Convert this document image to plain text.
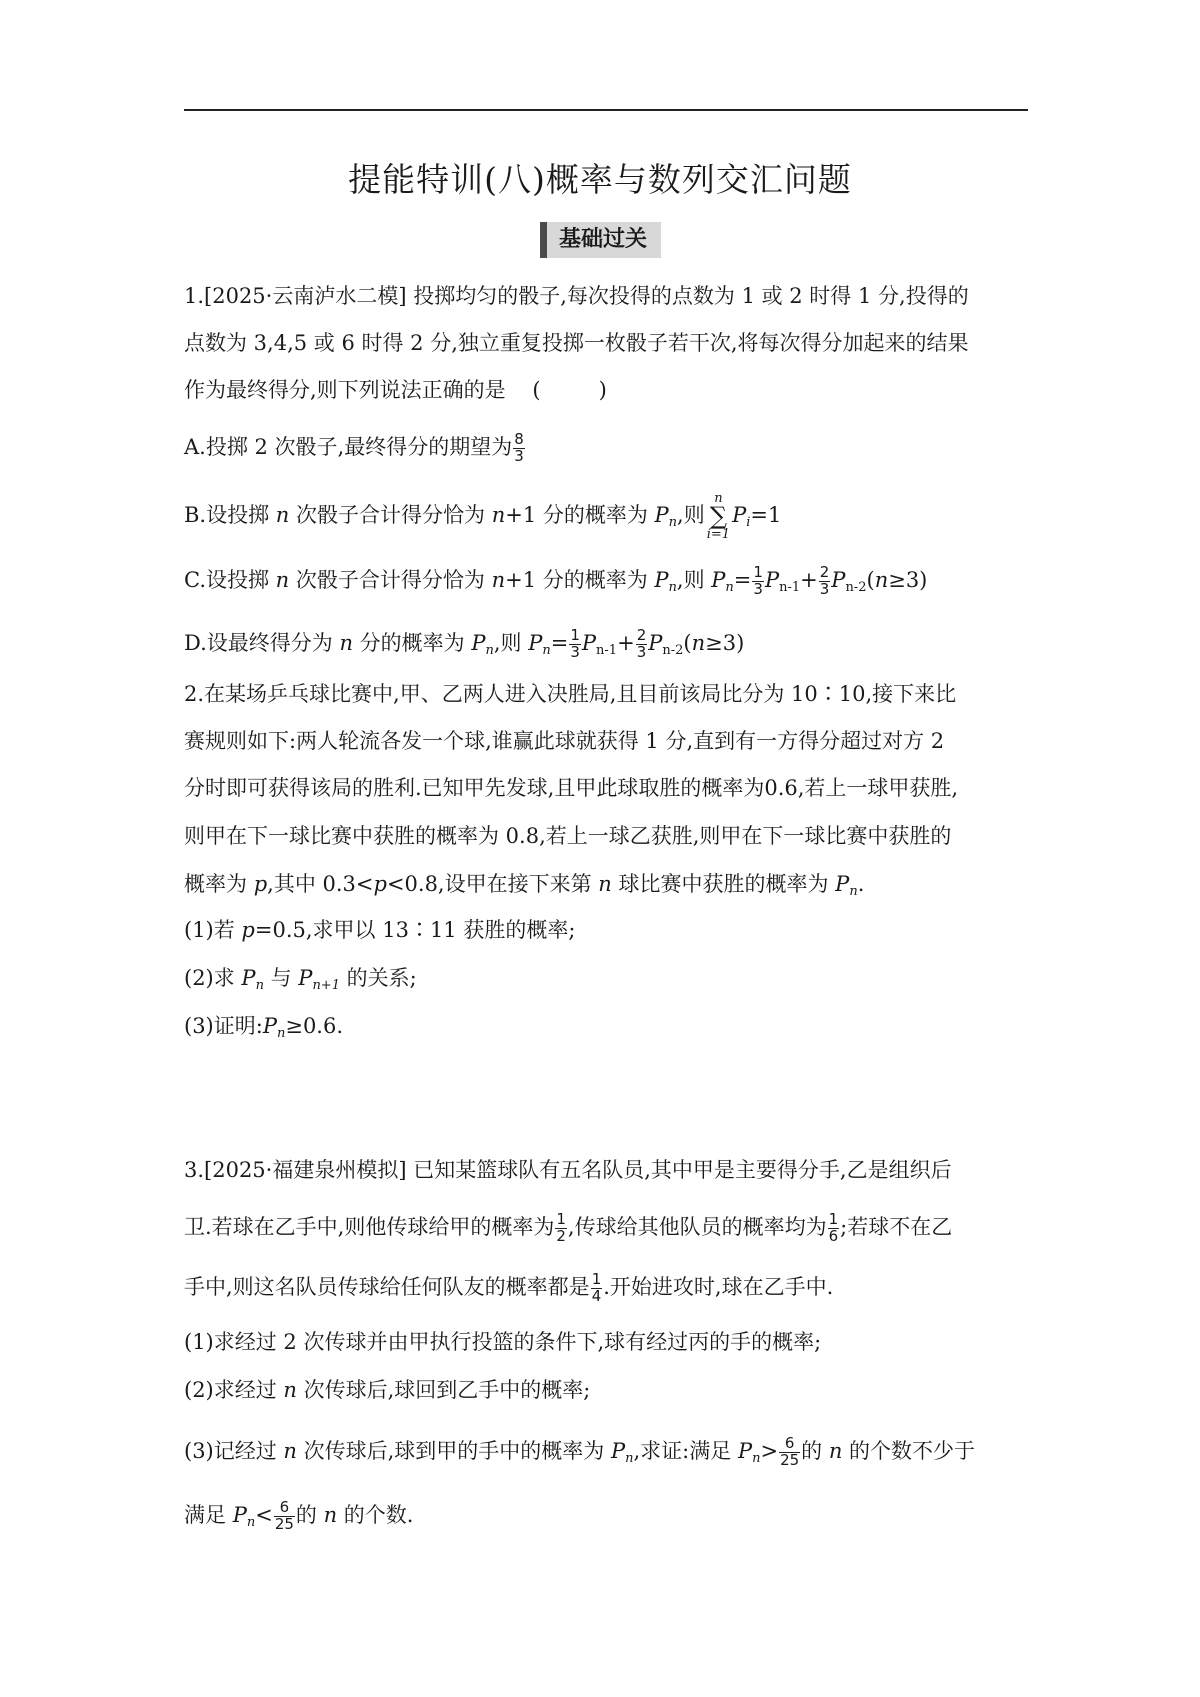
提能特训(八)概率与数列交汇问题
基础过关
1.[2025·云南泸水二模] 投掷均匀的骰子,每次投得的点数为 1 或 2 时得 1 分,投得的
点数为 3,4,5 或 6 时得 2 分,独立重复投掷一枚骰子若干次,将每次得分加起来的结果
作为最终得分,则下列说法正确的是 (	)
A.投掷 2 次骰子,最终得分的期望为 $\frac{8}{3}$
B.设投掷 n 次骰子合计得分恰为 n+1 分的概率为 $P_n$,则n
∑
$i=1P_i=1$
C.设投掷 n 次骰子合计得分恰为 n+1 分的概率为 $P_n$,则 $P_n= \frac{1}{3} P_{n-1}+ \frac{2}{3} P_{n-2}(n\ge 3)$
D.设最终得分为 n 分的概率为 $P_n$,则 $P_n= \frac{1}{3} P_{n-1}+ \frac{2}{3} P_{n-2}(n\ge 3)$
2.在某场乒乓球比赛中,甲、乙两人进入决胜局,且目前该局比分为 10∶10,接下来比
赛规则如下:两人轮流各发一个球,谁赢此球就获得 1 分,直到有一方得分超过对方 2
分时即可获得该局的胜利.已知甲先发球,且甲此球取胜的概率为0.6,若上一球甲获胜,
则甲在下一球比赛中获胜的概率为 0.8,若上一球乙获胜,则甲在下一球比赛中获胜的
概率为 p,其中 0.3<p<0.8,设甲在接下来第 n 球比赛中获胜的概率为 $P_n$.
(1)若 p=0.5,求甲以 13∶11 获胜的概率;
(2)求 $P_n$ 与 $P_{n+1}$ 的关系;
(3)证明$:P_n\ge 0.6$.
3.[2025·福建泉州模拟] 已知某篮球队有五名队员,其中甲是主要得分手,乙是组织后
卫.若球在乙手中,则他传球给甲的概率为 $\frac{1}{2}$ ,传球给其他队员的概率均为 $\frac{1}{6}$ ;若球不在乙
手中,则这名队员传球给任何队友的概率都是 $\frac{1}{4}$ .开始进攻时,球在乙手中.
(1)求经过 2 次传球并由甲执行投篮的条件下,球有经过丙的手的概率;
(2)求经过 n 次传球后,球回到乙手中的概率;
(3)记经过 n 次传球后,球到甲的手中的概率为 $P_n$,求证:满足 $P_n> \frac{6}{25}$ 的 n 的个数不少于
满足 $P_n< \frac{6}{25}$ 的 n 的个数.
